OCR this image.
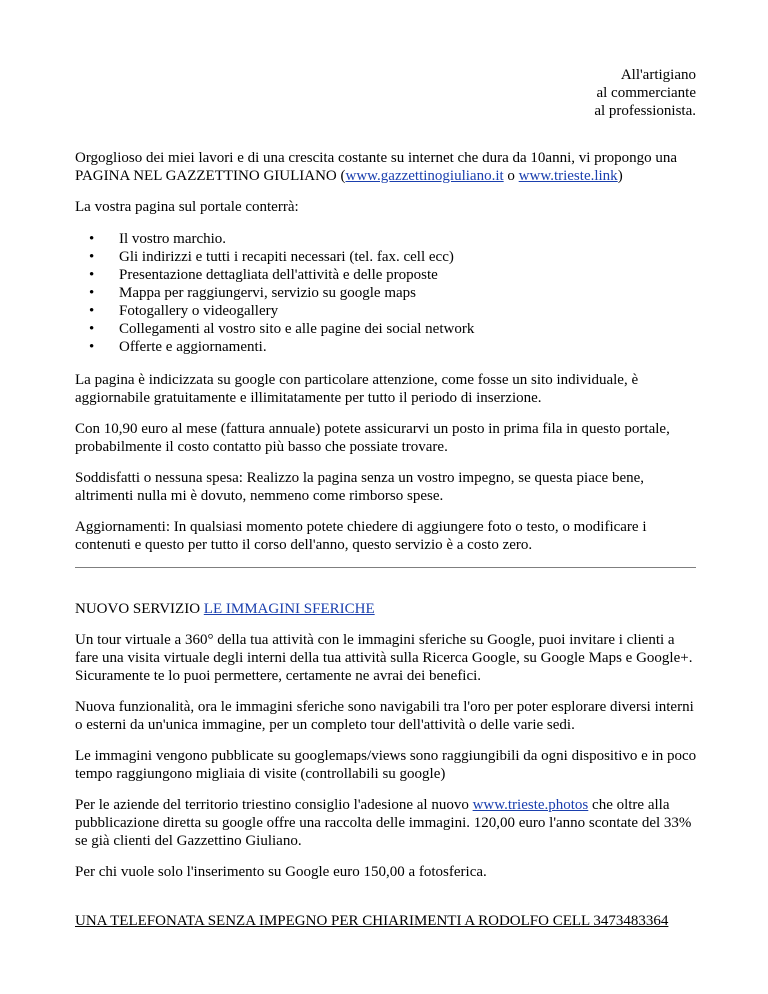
All'artigiano
al commerciante
al professionista.

Orgoglioso dei miei lavori e di una crescita costante su internet che dura da 10anni, vi propongo una PAGINA NEL GAZZETTINO GIULIANO (www.gazzettinogiuliano.it o www.trieste.link)

La vostra pagina sul portale conterrà:

• Il vostro marchio.
• Gli indirizzi e tutti i recapiti necessari (tel. fax. cell ecc)
• Presentazione dettagliata dell'attività e delle proposte
• Mappa per raggiungervi, servizio su google maps
• Fotogallery o videogallery
• Collegamenti al vostro sito e alle pagine dei social network
• Offerte e aggiornamenti.

La pagina è indicizzata su google con particolare attenzione, come fosse un sito individuale, è aggiornabile gratuitamente e illimitatamente per tutto il periodo di inserzione.

Con 10,90 euro al mese (fattura annuale) potete assicurarvi un posto in prima fila in questo portale, probabilmente il costo contatto più basso che possiate trovare.

Soddisfatti o nessuna spesa: Realizzo la pagina senza un vostro impegno, se questa piace bene, altrimenti nulla mi è dovuto, nemmeno come rimborso spese.

Aggiornamenti: In qualsiasi momento potete chiedere di aggiungere foto o testo, o modificare i contenuti e questo per tutto il corso dell'anno, questo servizio è a costo zero.

NUOVO SERVIZIO LE IMMAGINI SFERICHE

Un tour virtuale a 360° della tua attività con le immagini sferiche su Google, puoi invitare i clienti a fare una visita virtuale degli interni della tua attività sulla Ricerca Google, su Google Maps e Google+. Sicuramente te lo puoi permettere, certamente ne avrai dei benefici.

Nuova funzionalità, ora le immagini sferiche sono navigabili tra l'oro per poter esplorare diversi interni o esterni da un'unica immagine, per un completo tour dell'attività o delle varie sedi.

Le immagini vengono pubblicate su googlemaps/views sono raggiungibili da ogni dispositivo e in poco tempo raggiungono migliaia di visite (controllabili su google)

Per le aziende del territorio triestino consiglio l'adesione al nuovo www.trieste.photos che oltre alla pubblicazione diretta su google offre una raccolta delle immagini. 120,00 euro l'anno scontate del 33% se già clienti del Gazzettino Giuliano.

Per chi vuole solo l'inserimento su Google euro 150,00 a fotosferica.

UNA TELEFONATA SENZA IMPEGNO PER CHIARIMENTI A RODOLFO CELL 3473483364
